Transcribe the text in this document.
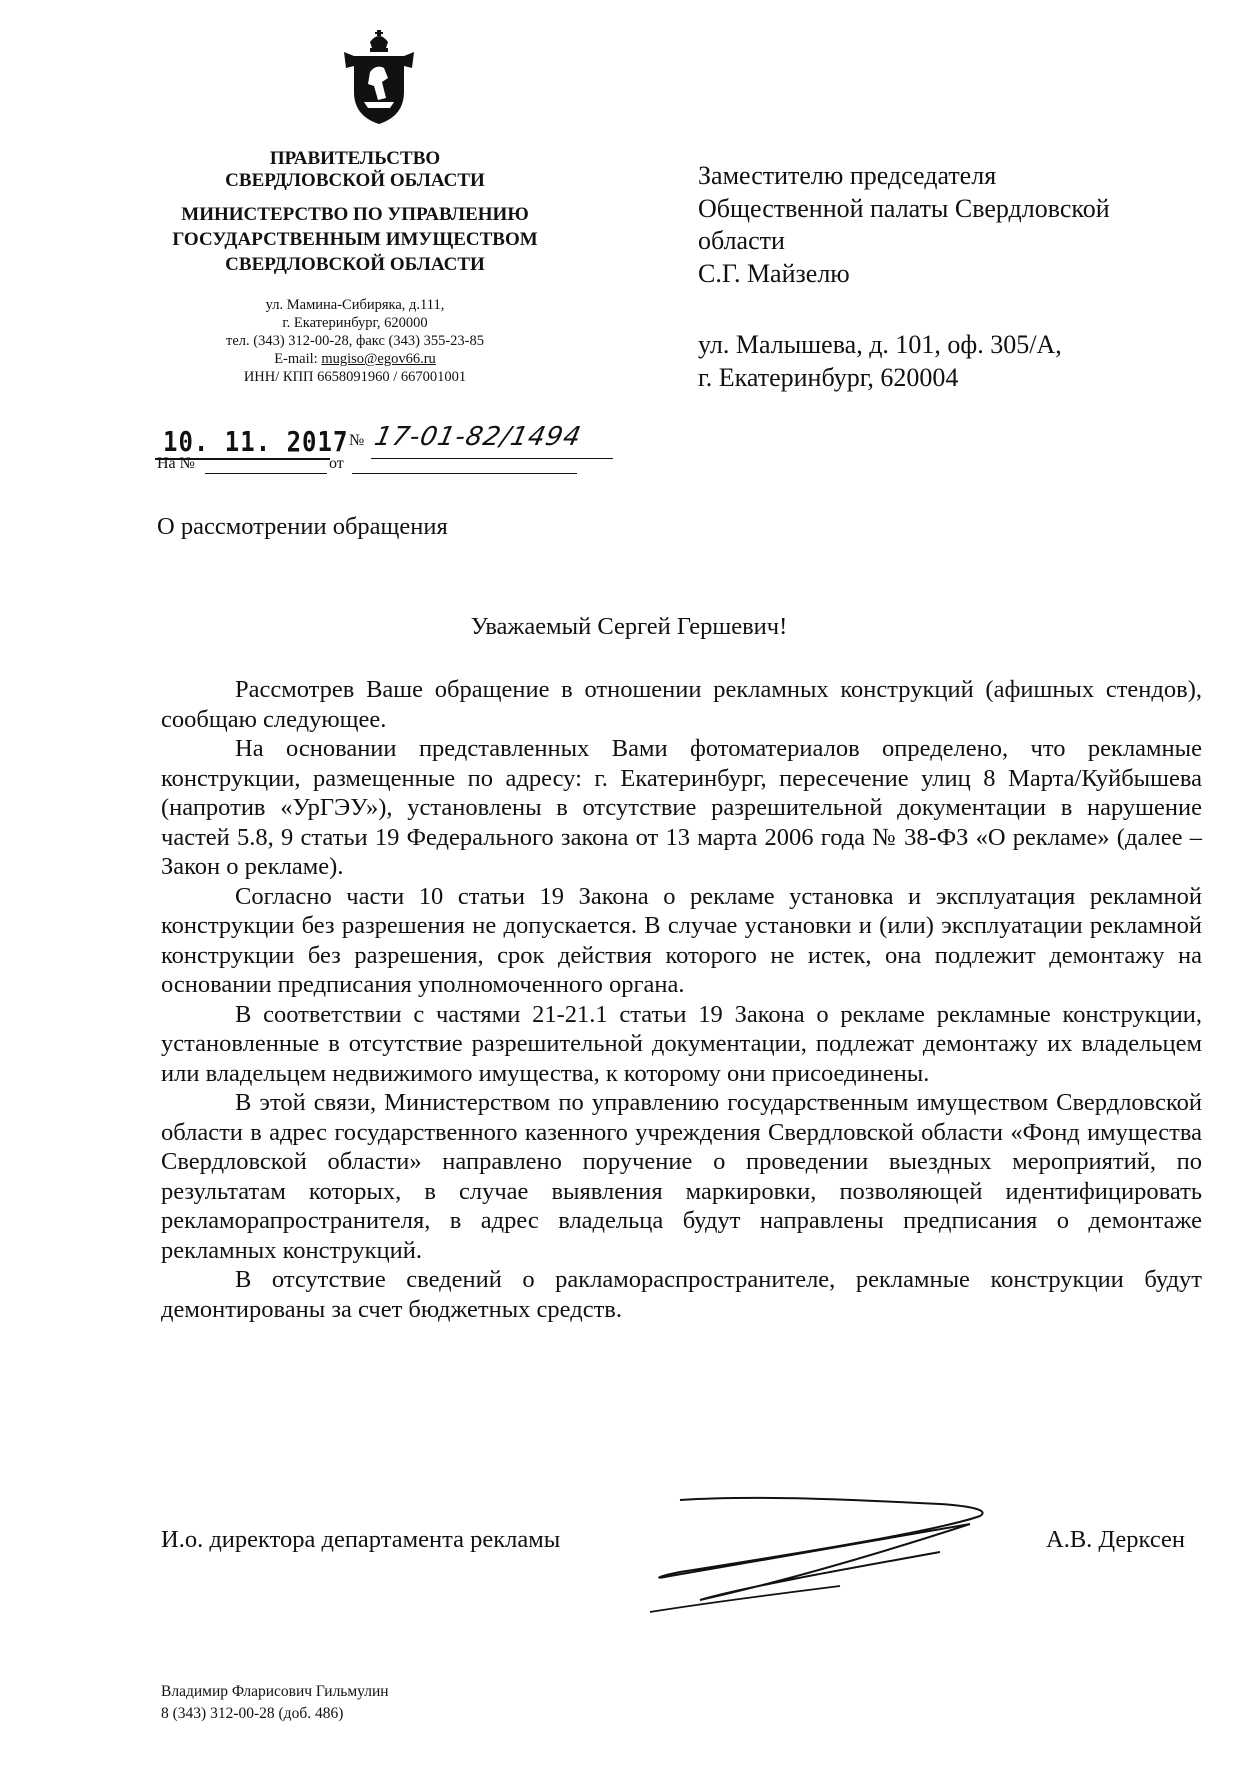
ПРАВИТЕЛЬСТВО
СВЕРДЛОВСКОЙ ОБЛАСТИ
МИНИСТЕРСТВО ПО УПРАВЛЕНИЮ
ГОСУДАРСТВЕННЫМ ИМУЩЕСТВОМ
СВЕРДЛОВСКОЙ ОБЛАСТИ
ул. Мамина-Сибиряка, д.111,
г. Екатеринбург, 620000
тел. (343) 312-00-28, факс (343) 355-23-85
E-mail: mugiso@egov66.ru
ИНН/ КПП 6658091960 / 667001001
10. 11. 2017 № 17-01-82/1494
На №	от
Заместителю председателя
Общественной палаты Свердловской
области
С.Г. Майзелю
ул. Малышева, д. 101, оф. 305/А,
г. Екатеринбург, 620004
О рассмотрении обращения
Уважаемый Сергей Гершевич!

Рассмотрев Ваше обращение в отношении рекламных конструкций (афишных стендов), сообщаю следующее.

На основании представленных Вами фотоматериалов определено, что рекламные конструкции, размещенные по адресу: г. Екатеринбург, пересечение улиц 8 Марта/Куйбышева (напротив «УрГЭУ»), установлены в отсутствие разрешительной документации в нарушение частей 5.8, 9 статьи 19 Федерального закона от 13 марта 2006 года № 38-ФЗ «О рекламе» (далее – Закон о рекламе).

Согласно части 10 статьи 19 Закона о рекламе установка и эксплуатация рекламной конструкции без разрешения не допускается. В случае установки и (или) эксплуатации рекламной конструкции без разрешения, срок действия которого не истек, она подлежит демонтажу на основании предписания уполномоченного органа.

В соответствии с частями 21-21.1 статьи 19 Закона о рекламе рекламные конструкции, установленные в отсутствие разрешительной документации, подлежат демонтажу их владельцем или владельцем недвижимого имущества, к которому они присоединены.

В этой связи, Министерством по управлению государственным имуществом Свердловской области в адрес государственного казенного учреждения Свердловской области «Фонд имущества Свердловской области» направлено поручение о проведении выездных мероприятий, по результатам которых, в случае выявления маркировки, позволяющей идентифицировать рекламорапространителя, в адрес владельца будут направлены предписания о демонтаже рекламных конструкций.

В отсутствие сведений о ракламораспространителе, рекламные конструкции будут демонтированы за счет бюджетных средств.

И.о. директора департамента рекламы	А.В. Дерксен
Владимир Фларисович Гильмулин
8 (343) 312-00-28 (доб. 486)
